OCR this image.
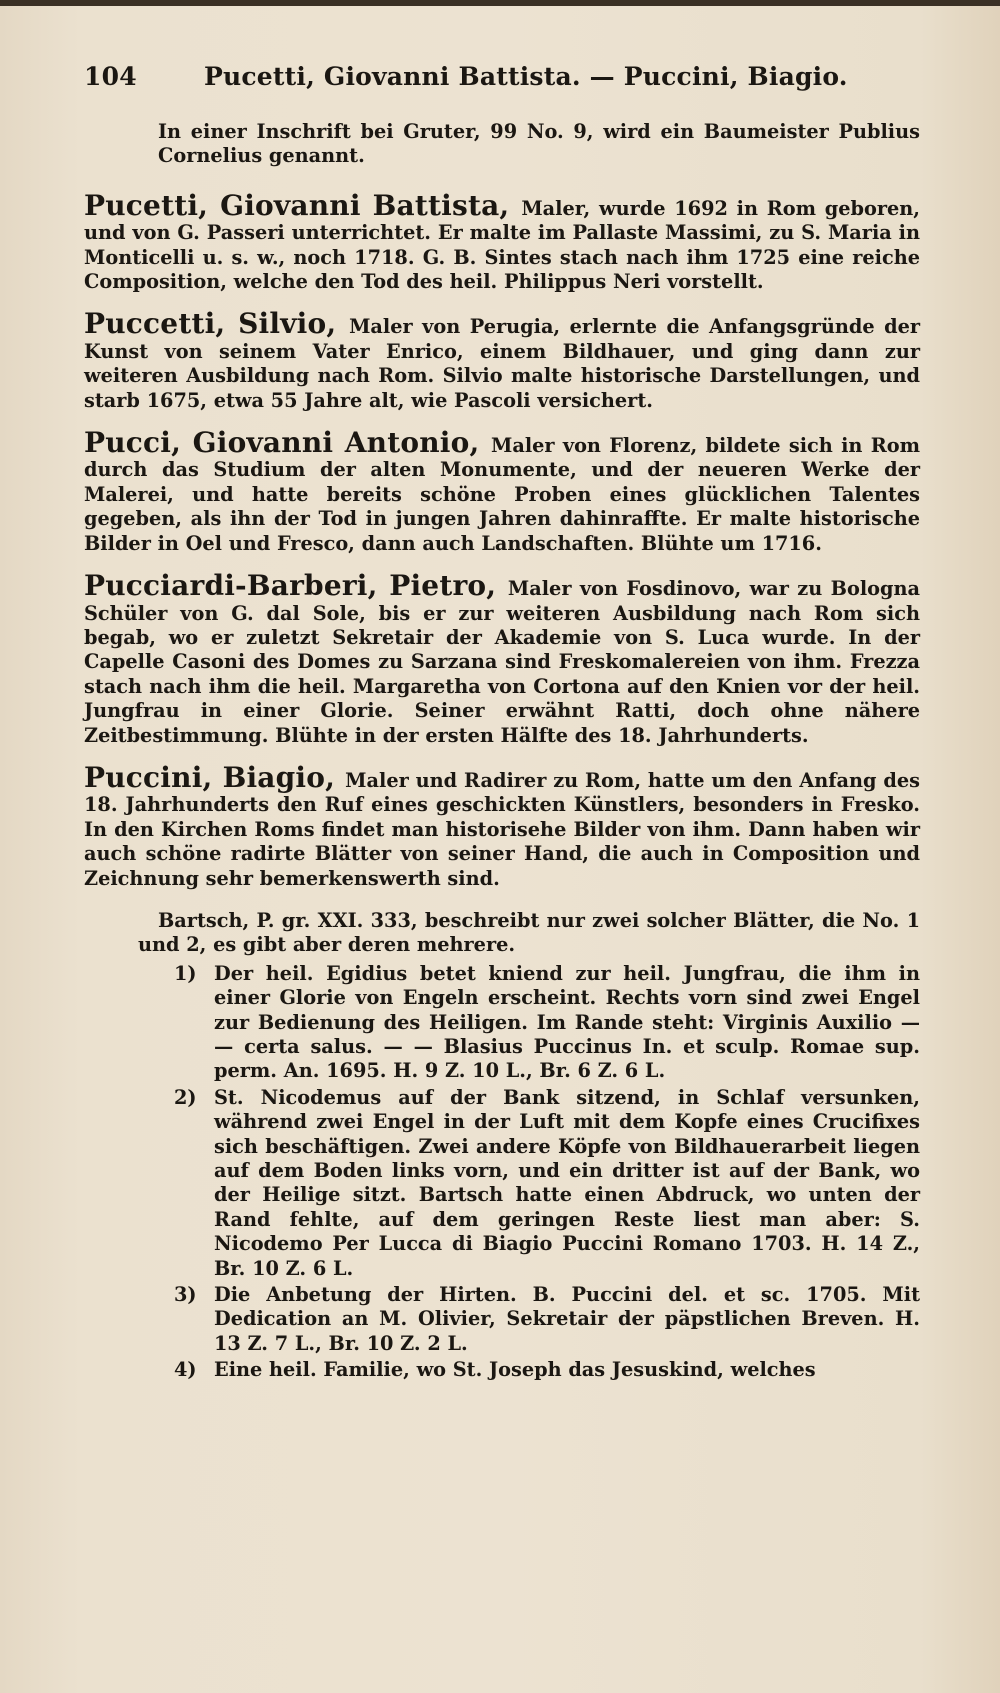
104	Pucetti, Giovanni Battista. — Puccini, Biagio.
In einer Inschrift bei Gruter, 99 No. 9, wird ein Baumeister Publius Cornelius genannt.
Pucetti, Giovanni Battista, Maler, wurde 1692 in Rom geboren, und von G. Passeri unterrichtet. Er malte im Pallaste Massimi, zu S. Maria in Monticelli u. s. w., noch 1718. G. B. Sintes stach nach ihm 1725 eine reiche Composition, welche den Tod des heil. Philippus Neri vorstellt.
Puccetti, Silvio, Maler von Perugia, erlernte die Anfangsgründe der Kunst von seinem Vater Enrico, einem Bildhauer, und ging dann zur weiteren Ausbildung nach Rom. Silvio malte historische Darstellungen, und starb 1675, etwa 55 Jahre alt, wie Pascoli versichert.
Pucci, Giovanni Antonio, Maler von Florenz, bildete sich in Rom durch das Studium der alten Monumente, und der neueren Werke der Malerei, und hatte bereits schöne Proben eines glücklichen Talentes gegeben, als ihn der Tod in jungen Jahren dahinraffte. Er malte historische Bilder in Oel und Fresco, dann auch Landschaften. Blühte um 1716.
Pucciardi-Barberi, Pietro, Maler von Fosdinovo, war zu Bologna Schüler von G. dal Sole, bis er zur weiteren Ausbildung nach Rom sich begab, wo er zuletzt Sekretair der Akademie von S. Luca wurde. In der Capelle Casoni des Domes zu Sarzana sind Freskomalereien von ihm. Frezza stach nach ihm die heil. Margaretha von Cortona auf den Knien vor der heil. Jungfrau in einer Glorie. Seiner erwähnt Ratti, doch ohne nähere Zeitbestimmung. Blühte in der ersten Hälfte des 18. Jahrhunderts.
Puccini, Biagio, Maler und Radirer zu Rom, hatte um den Anfang des 18. Jahrhunderts den Ruf eines geschickten Künstlers, besonders in Fresko. In den Kirchen Roms findet man historisehe Bilder von ihm. Dann haben wir auch schöne radirte Blätter von seiner Hand, die auch in Composition und Zeichnung sehr bemerkenswerth sind.
Bartsch, P. gr. XXI. 333, beschreibt nur zwei solcher Blätter, die No. 1 und 2, es gibt aber deren mehrere.
1) Der heil. Egidius betet kniend zur heil. Jungfrau, die ihm in einer Glorie von Engeln erscheint. Rechts vorn sind zwei Engel zur Bedienung des Heiligen. Im Rande steht: Virginis Auxilio — — certa salus. — — Blasius Puccinus In. et sculp. Romae sup. perm. An. 1695. H. 9 Z. 10 L., Br. 6 Z. 6 L.
2) St. Nicodemus auf der Bank sitzend, in Schlaf versunken, während zwei Engel in der Luft mit dem Kopfe eines Crucifixes sich beschäftigen. Zwei andere Köpfe von Bildhauerarbeit liegen auf dem Boden links vorn, und ein dritter ist auf der Bank, wo der Heilige sitzt. Bartsch hatte einen Abdruck, wo unten der Rand fehlte, auf dem geringen Reste liest man aber: S. Nicodemo Per Lucca di Biagio Puccini Romano 1703. H. 14 Z., Br. 10 Z. 6 L.
3) Die Anbetung der Hirten. B. Puccini del. et sc. 1705. Mit Dedication an M. Olivier, Sekretair der päpstlichen Breven. H. 13 Z. 7 L., Br. 10 Z. 2 L.
4) Eine heil. Familie, wo St. Joseph das Jesuskind, welches
